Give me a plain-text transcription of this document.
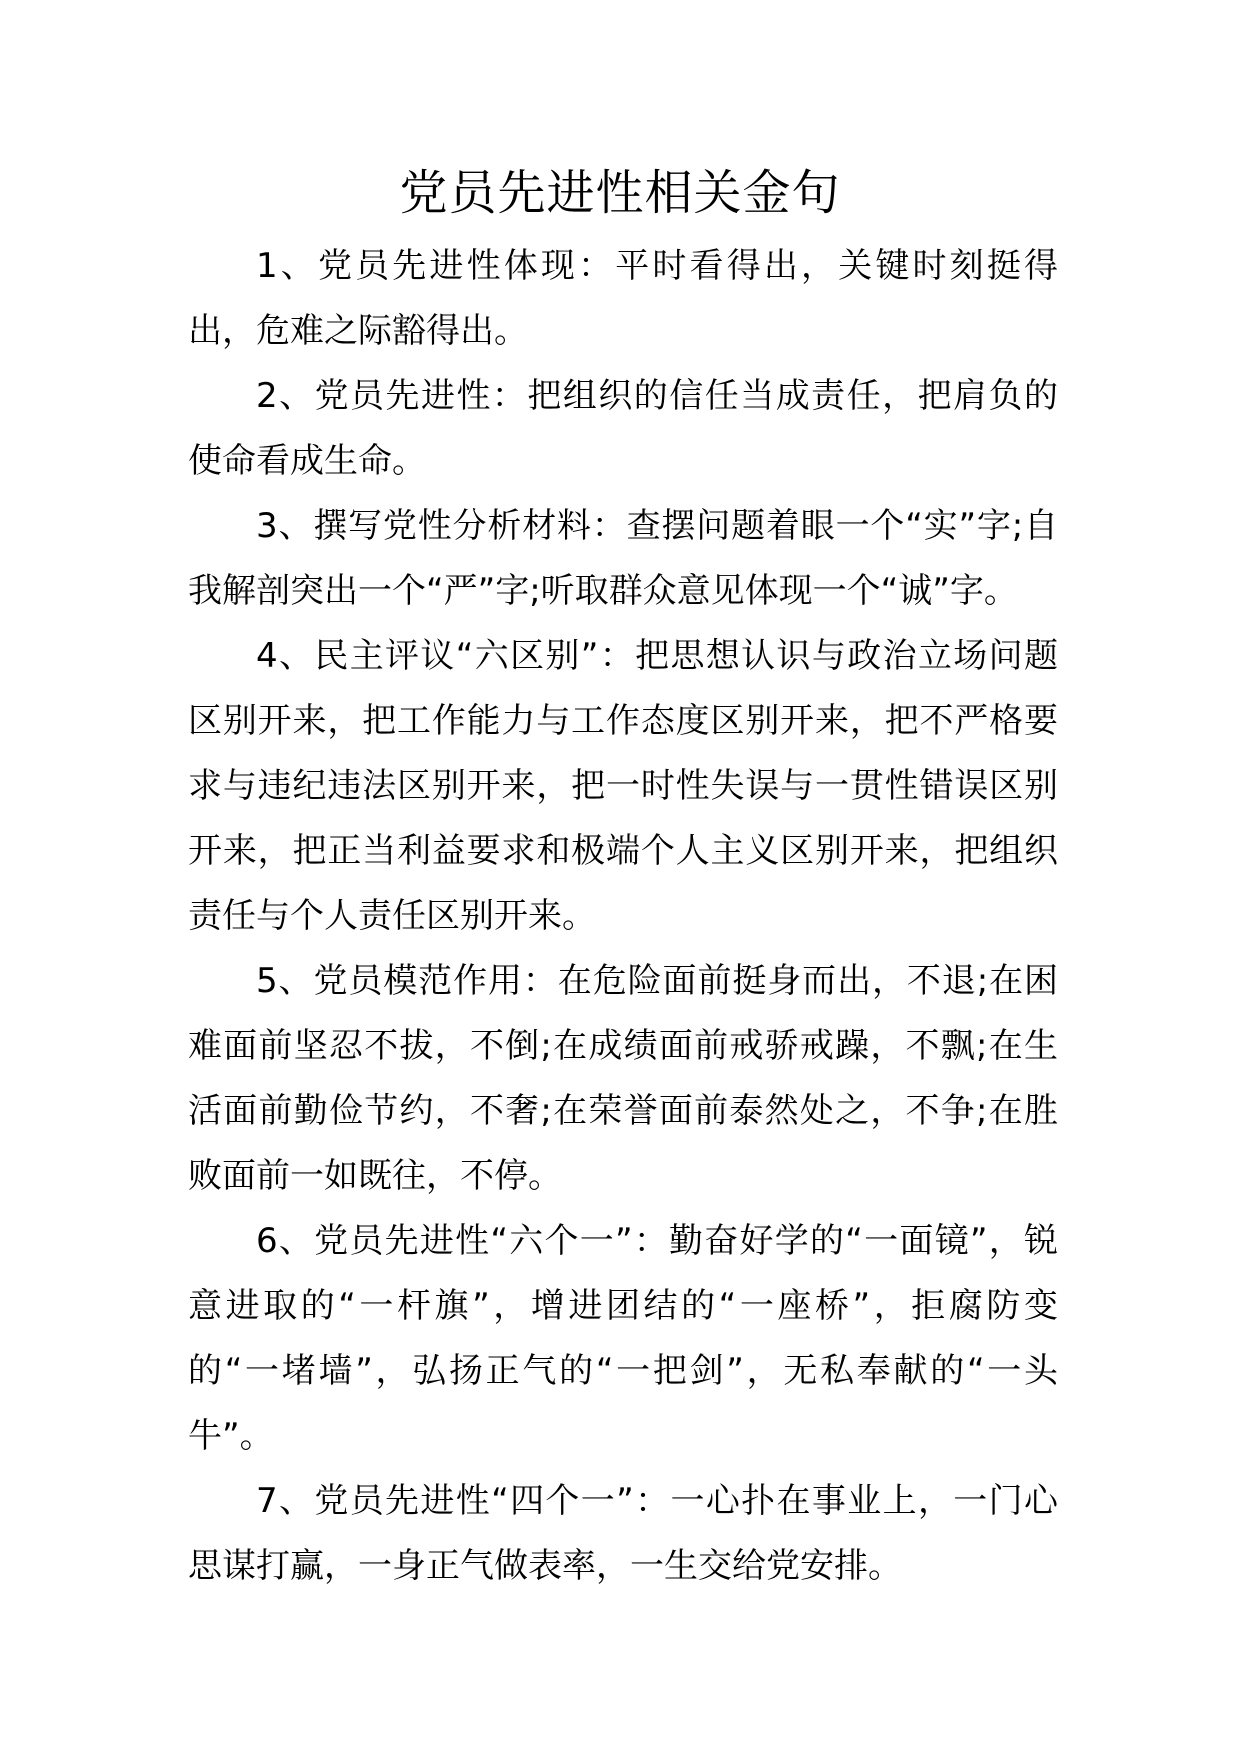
党员先进性相关金句

1、党员先进性体现：平时看得出，关键时刻挺得出，危难之际豁得出。

2、党员先进性：把组织的信任当成责任，把肩负的使命看成生命。

3、撰写党性分析材料：查摆问题着眼一个“实”字;自我解剖突出一个“严”字;听取群众意见体现一个“诚”字。

4、民主评议“六区别”：把思想认识与政治立场问题区别开来，把工作能力与工作态度区别开来，把不严格要求与违纪违法区别开来，把一时性失误与一贯性错误区别开来，把正当利益要求和极端个人主义区别开来，把组织责任与个人责任区别开来。

5、党员模范作用：在危险面前挺身而出，不退;在困难面前坚忍不拔，不倒;在成绩面前戒骄戒躁，不飘;在生活面前勤俭节约，不奢;在荣誉面前泰然处之，不争;在胜败面前一如既往，不停。

6、党员先进性“六个一”：勤奋好学的“一面镜”，锐意进取的“一杆旗”，增进团结的“一座桥”，拒腐防变的“一堵墙”，弘扬正气的“一把剑”，无私奉献的“一头牛”。

7、党员先进性“四个一”：一心扑在事业上，一门心思谋打赢，一身正气做表率，一生交给党安排。
